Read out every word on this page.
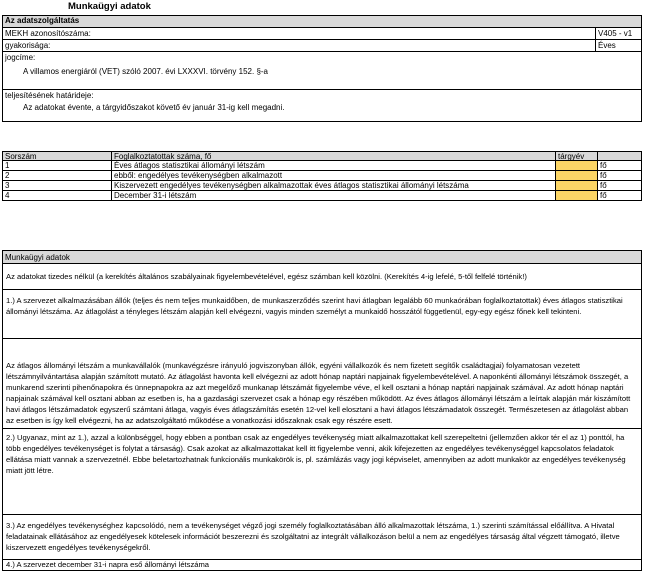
Munkaügyi adatok
Az adatszolgáltatás
MEKH azonosítószáma:	V405 - v1
gyakorisága:	Éves
jogcíme:
A villamos energiáról (VET) szóló 2007. évi LXXXVI. törvény 152. §-a
teljesítésének határideje:
Az adatokat évente, a tárgyidőszakot követő év január 31-ig kell megadni.
Sorszám	Foglalkoztatottak száma, fő	tárgyév
1	Éves átlagos statisztikai állományi létszám	fő
2	ebből: engedélyes tevékenységben alkalmazott	fő
3	Kiszervezett engedélyes tevékenységben alkalmazottak éves átlagos statisztikai állományi létszáma	fő
4	December 31-i létszám	fő
Munkaügyi adatok
Az adatokat tizedes nélkül (a kerekítés általános szabályainak figyelembevételével, egész számban kell közölni. (Kerekítés 4-ig lefelé, 5-től felfelé történik!)
1.) A szervezet alkalmazásában állók (teljes és nem teljes munkaidőben, de munkaszerződés szerint havi átlagban legalább 60 munkaórában foglalkoztatottak) éves átlagos statisztikai állományi létszáma. Az átlagolást a tényleges létszám alapján kell elvégezni, vagyis minden személyt a munkaidő hosszától függetlenül, egy-egy egész főnek kell tekinteni.
Az átlagos állományi létszám a munkavállalók (munkavégzésre irányuló jogviszonyban állók, egyéni vállalkozók és nem fizetett segítők családtagjai) folyamatosan vezetett létszámnyilvántartása alapján számított mutató. Az átlagolást havonta kell elvégezni az adott hónap naptári napjainak figyelembevételével. A naponkénti állományi létszámok összegét, a munkarend szerinti pihenőnapokra és ünnepnapokra az azt megelőző munkanap létszámát figyelembe véve, el kell osztani a hónap naptári napjainak számával. Az adott hónap naptári napjainak számával kell osztani abban az esetben is, ha a gazdasági szervezet csak a hónap egy részében működött. Az éves átlagos állományi létszám a leírtak alapján már kiszámított havi átlagos létszámadatok egyszerű számtani átlaga, vagyis éves átlagszámítás esetén 12-vel kell elosztani a havi átlagos létszámadatok összegét. Természetesen az átlagolást abban az esetben is így kell elvégezni, ha az adatszolgáltató működése a vonatkozási időszaknak csak egy részére esett.
2.) Ugyanaz, mint az 1.), azzal a különbséggel, hogy ebben a pontban csak az engedélyes tevékenység miatt alkalmazottakat kell szerepeltetni (jellemzően akkor tér el az 1) ponttól, ha több engedélyes tevékenységet is folytat a társaság). Csak azokat az alkalmazottakat kell itt figyelembe venni, akik kifejezetten az engedélyes tevékenységgel kapcsolatos feladatok ellátása miatt vannak a szervezetnél. Ebbe beletartozhatnak funkcionális munkakörök is, pl. számlázás vagy jogi képviselet, amennyiben az adott munkakör az engedélyes tevékenység miatt jött létre.
3.) Az engedélyes tevékenységhez kapcsolódó, nem a tevékenységet végző jogi személy foglalkoztatásában álló alkalmazottak létszáma, 1.) szerinti számítással előállítva. A Hivatal feladatainak ellátásához az engedélyesek kötelesek információt beszerezni és szolgáltatni az integrált vállalkozáson belül a nem az engedélyes társaság által végzett támogató, illetve kiszervezett engedélyes tevékenységekről.
4.) A szervezet december 31-i napra eső állományi létszáma
